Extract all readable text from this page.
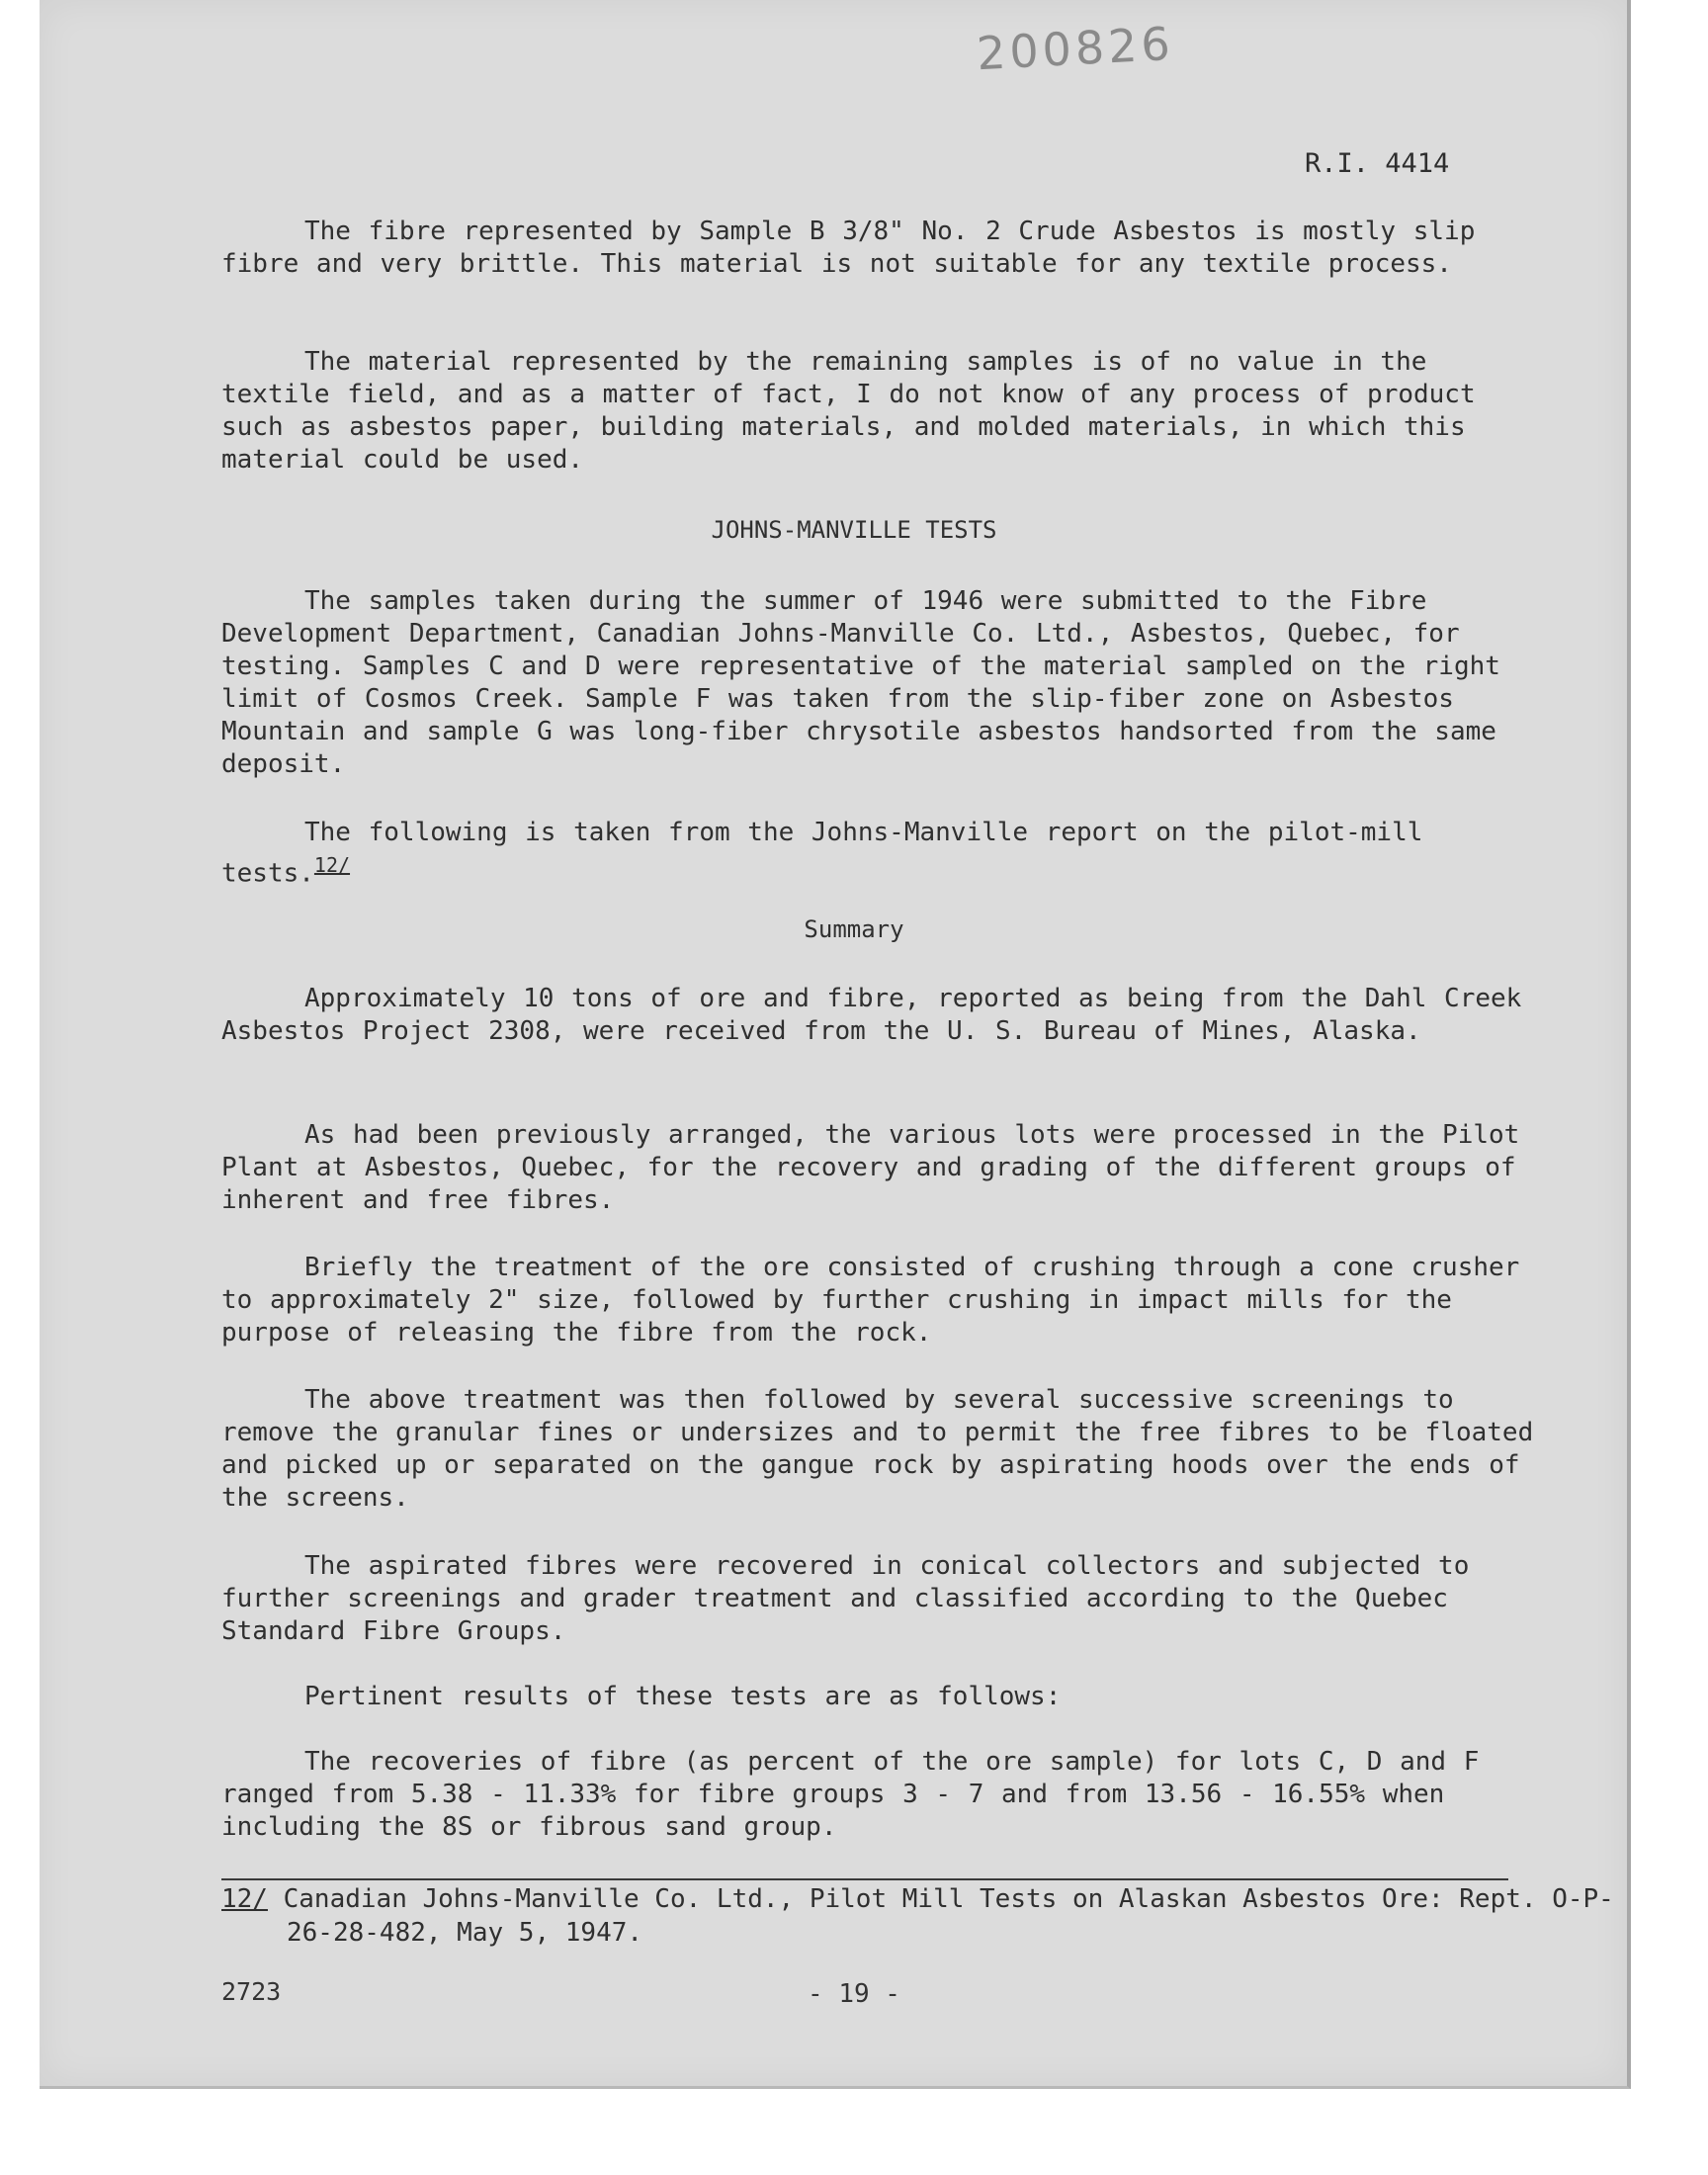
200826
R.I. 4414
The fibre represented by Sample B 3/8" No. 2 Crude Asbestos is mostly slip fibre and very brittle. This material is not suitable for any textile process.
The material represented by the remaining samples is of no value in the textile field, and as a matter of fact, I do not know of any process of product such as asbestos paper, building materials, and molded materials, in which this material could be used.
JOHNS-MANVILLE TESTS
The samples taken during the summer of 1946 were submitted to the Fibre Development Department, Canadian Johns-Manville Co. Ltd., Asbestos, Quebec, for testing. Samples C and D were representative of the material sampled on the right limit of Cosmos Creek. Sample F was taken from the slip-fiber zone on Asbestos Mountain and sample G was long-fiber chrysotile asbestos handsorted from the same deposit.
The following is taken from the Johns-Manville report on the pilot-mill tests.$^{12/}$
Summary
Approximately 10 tons of ore and fibre, reported as being from the Dahl Creek Asbestos Project 2308, were received from the U. S. Bureau of Mines, Alaska.
As had been previously arranged, the various lots were processed in the Pilot Plant at Asbestos, Quebec, for the recovery and grading of the different groups of inherent and free fibres.
Briefly the treatment of the ore consisted of crushing through a cone crusher to approximately 2" size, followed by further crushing in impact mills for the purpose of releasing the fibre from the rock.
The above treatment was then followed by several successive screenings to remove the granular fines or undersizes and to permit the free fibres to be floated and picked up or separated on the gangue rock by aspirating hoods over the ends of the screens.
The aspirated fibres were recovered in conical collectors and subjected to further screenings and grader treatment and classified according to the Quebec Standard Fibre Groups.
Pertinent results of these tests are as follows:
The recoveries of fibre (as percent of the ore sample) for lots C, D and F ranged from 5.38 - 11.33% for fibre groups 3 - 7 and from 13.56 - 16.55% when including the 8S or fibrous sand group.
12/ Canadian Johns-Manville Co. Ltd., Pilot Mill Tests on Alaskan Asbestos Ore: Rept. O-P-26-28-482, May 5, 1947.
2723	- 19 -
